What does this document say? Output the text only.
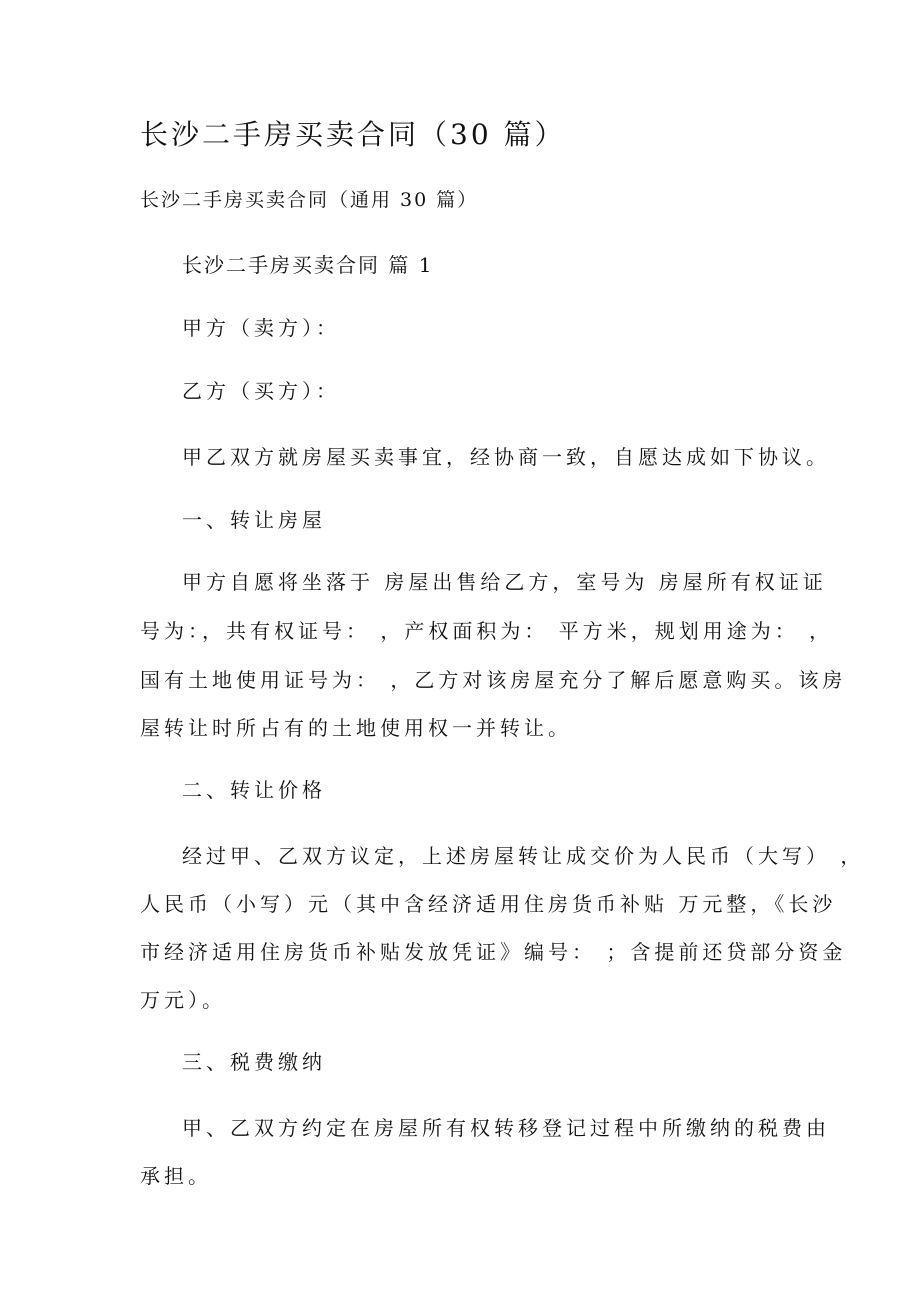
长沙二手房买卖合同（30 篇）
长沙二手房买卖合同（通用 30 篇）
长沙二手房买卖合同 篇 1
甲方（卖方）：
乙方（买方）：
甲乙双方就房屋买卖事宜，经协商一致，自愿达成如下协议。
一、转让房屋
甲方自愿将坐落于 房屋出售给乙方，室号为 房屋所有权证证
号为：，共有权证号： ，产权面积为： 平方米，规划用途为： ，
国有土地使用证号为： ，乙方对该房屋充分了解后愿意购买。该房
屋转让时所占有的土地使用权一并转让。
二、转让价格
经过甲、乙双方议定，上述房屋转让成交价为人民币（大写） ，
人民币（小写）元（其中含经济适用住房货币补贴 万元整，《长沙
市经济适用住房货币补贴发放凭证》编号： ；含提前还贷部分资金
万元）。
三、税费缴纳
甲、乙双方约定在房屋所有权转移登记过程中所缴纳的税费由
承担。
